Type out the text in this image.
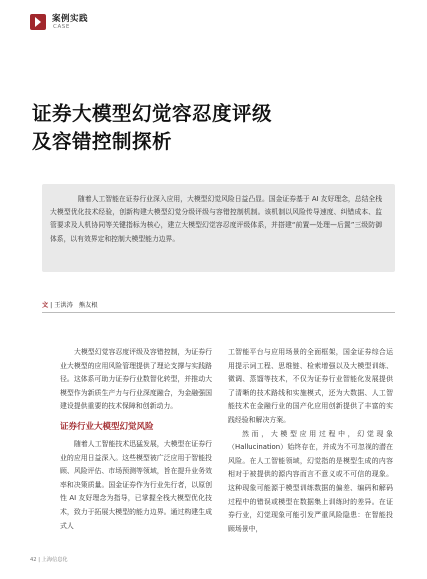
案例实践
CASE
证券大模型幻觉容忍度评级
及容错控制探析
随着人工智能在证券行业深入应用，大模型幻觉风险日益凸显。国金证券基于 AI 友好理念，总结全栈大模型优化技术经验，创新构建大模型幻觉分级评级与容错控制机制。该机制以风险传导速度、纠错成本、监管要求及人机协同等关键指标为核心，建立大模型幻觉容忍度评级体系，并搭建“前置—处理—后置”三级防御体系，以有效界定和控制大模型能力边界。
文 | 王洪涛　熊友根

大模型幻觉容忍度评级及容错控制，为证券行业大模型的应用风险管理提供了理论支撑与实践路径。这体系可助力证券行业数智化转型，并推动大模型作为新质生产力与行业深度融合，为金融强国建设提供重要的技术保障和创新动力。

证券行业大模型幻觉风险

随着人工智能技术迅猛发展，大模型在证券行业的应用日益深入。这些模型被广泛应用于智能投顾、风险评估、市场预测等领域，旨在提升业务效率和决策质量。国金证券作为行业先行者，以原创性 AI 友好理念为指导，已掌握全栈大模型优化技术，致力于拓展大模型的能力边界。通过构建生成式人

工智能平台与应用场景的全面框架，国金证券综合运用提示词工程、思维链、检索增强以及大模型训练、微调、蒸馏等技术，不仅为证券行业智能化发展提供了清晰的技术路线和实施模式，还为大数据、人工智能技术在金融行业的国产化应用创新提供了丰富的实践经验和解决方案。

然而，大模型应用过程中，幻觉现象（Hallucination）始终存在，并成为不可忽视的潜在风险。在人工智能领域，幻觉指的是模型生成的内容相对于被提供的源内容而言不意义或不可信的现象。这种现象可能源于模型训练数据的偏差、编码和解码过程中的错误或模型在数据集上训练时的差异。在证券行业，幻觉现象可能引发严重风险隐患：在智能投顾场景中，

42 | 上海信息化
